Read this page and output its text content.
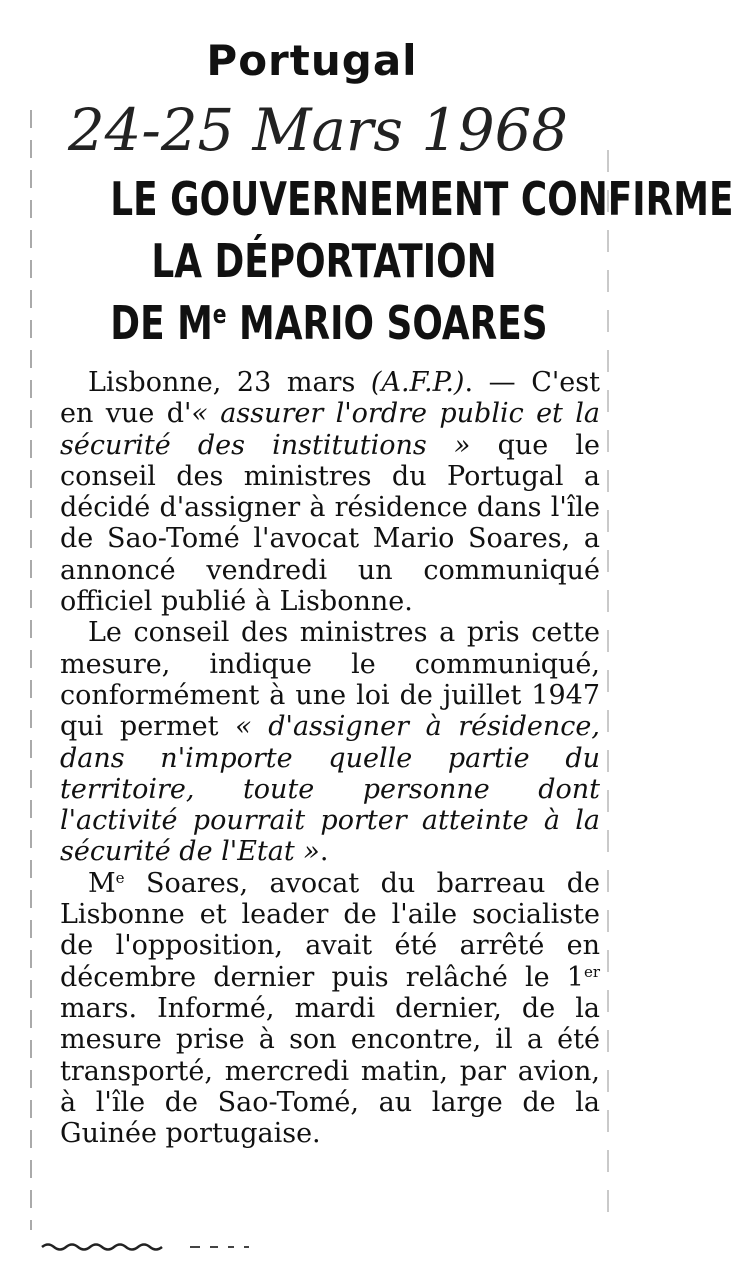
Portugal
24-25 Mars 1968
LE GOUVERNEMENT CONFIRME
LA DÉPORTATION
DE Me MARIO SOARES

Lisbonne, 23 mars (A.F.P.). — C'est en vue d'« assurer l'ordre public et la sécurité des institutions » que le conseil des ministres du Portugal a décidé d'assigner à résidence dans l'île de Sao-Tomé l'avocat Mario Soares, a annoncé vendredi un communiqué officiel publié à Lisbonne.

Le conseil des ministres a pris cette mesure, indique le communiqué, conformément à une loi de juillet 1947 qui permet « d'assigner à résidence, dans n'importe quelle partie du territoire, toute personne dont l'activité pourrait porter atteinte à la sécurité de l'Etat ».

Me Soares, avocat du barreau de Lisbonne et leader de l'aile socialiste de l'opposition, avait été arrêté en décembre dernier puis relâché le 1er mars. Informé, mardi dernier, de la mesure prise à son encontre, il a été transporté, mercredi matin, par avion, à l'île de Sao-Tomé, au large de la Guinée portugaise.
